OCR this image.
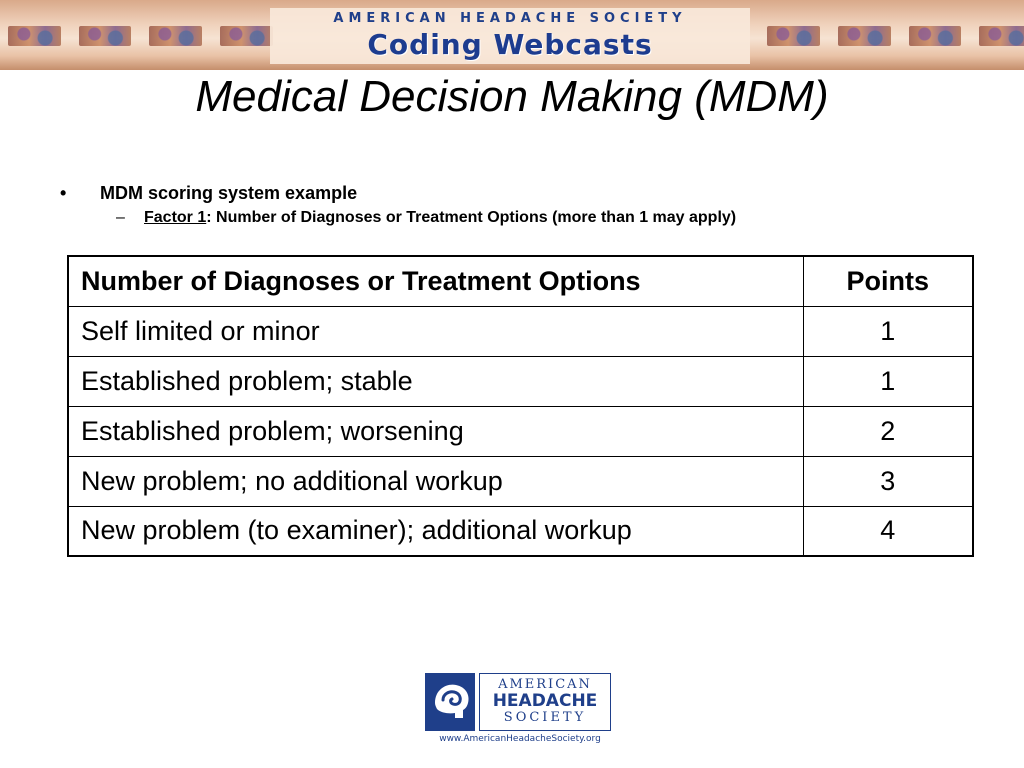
AMERICAN HEADACHE SOCIETY
Coding Webcasts
Medical Decision Making (MDM)
• MDM scoring system example
– Factor 1: Number of Diagnoses or Treatment Options (more than 1 may apply)
Number of Diagnoses or Treatment Options	Points
Self limited or minor	1
Established problem; stable	1
Established problem; worsening	2
New problem; no additional workup	3
New problem (to examiner); additional workup	4
AMERICAN
HEADACHE
SOCIETY
www.AmericanHeadacheSociety.org
